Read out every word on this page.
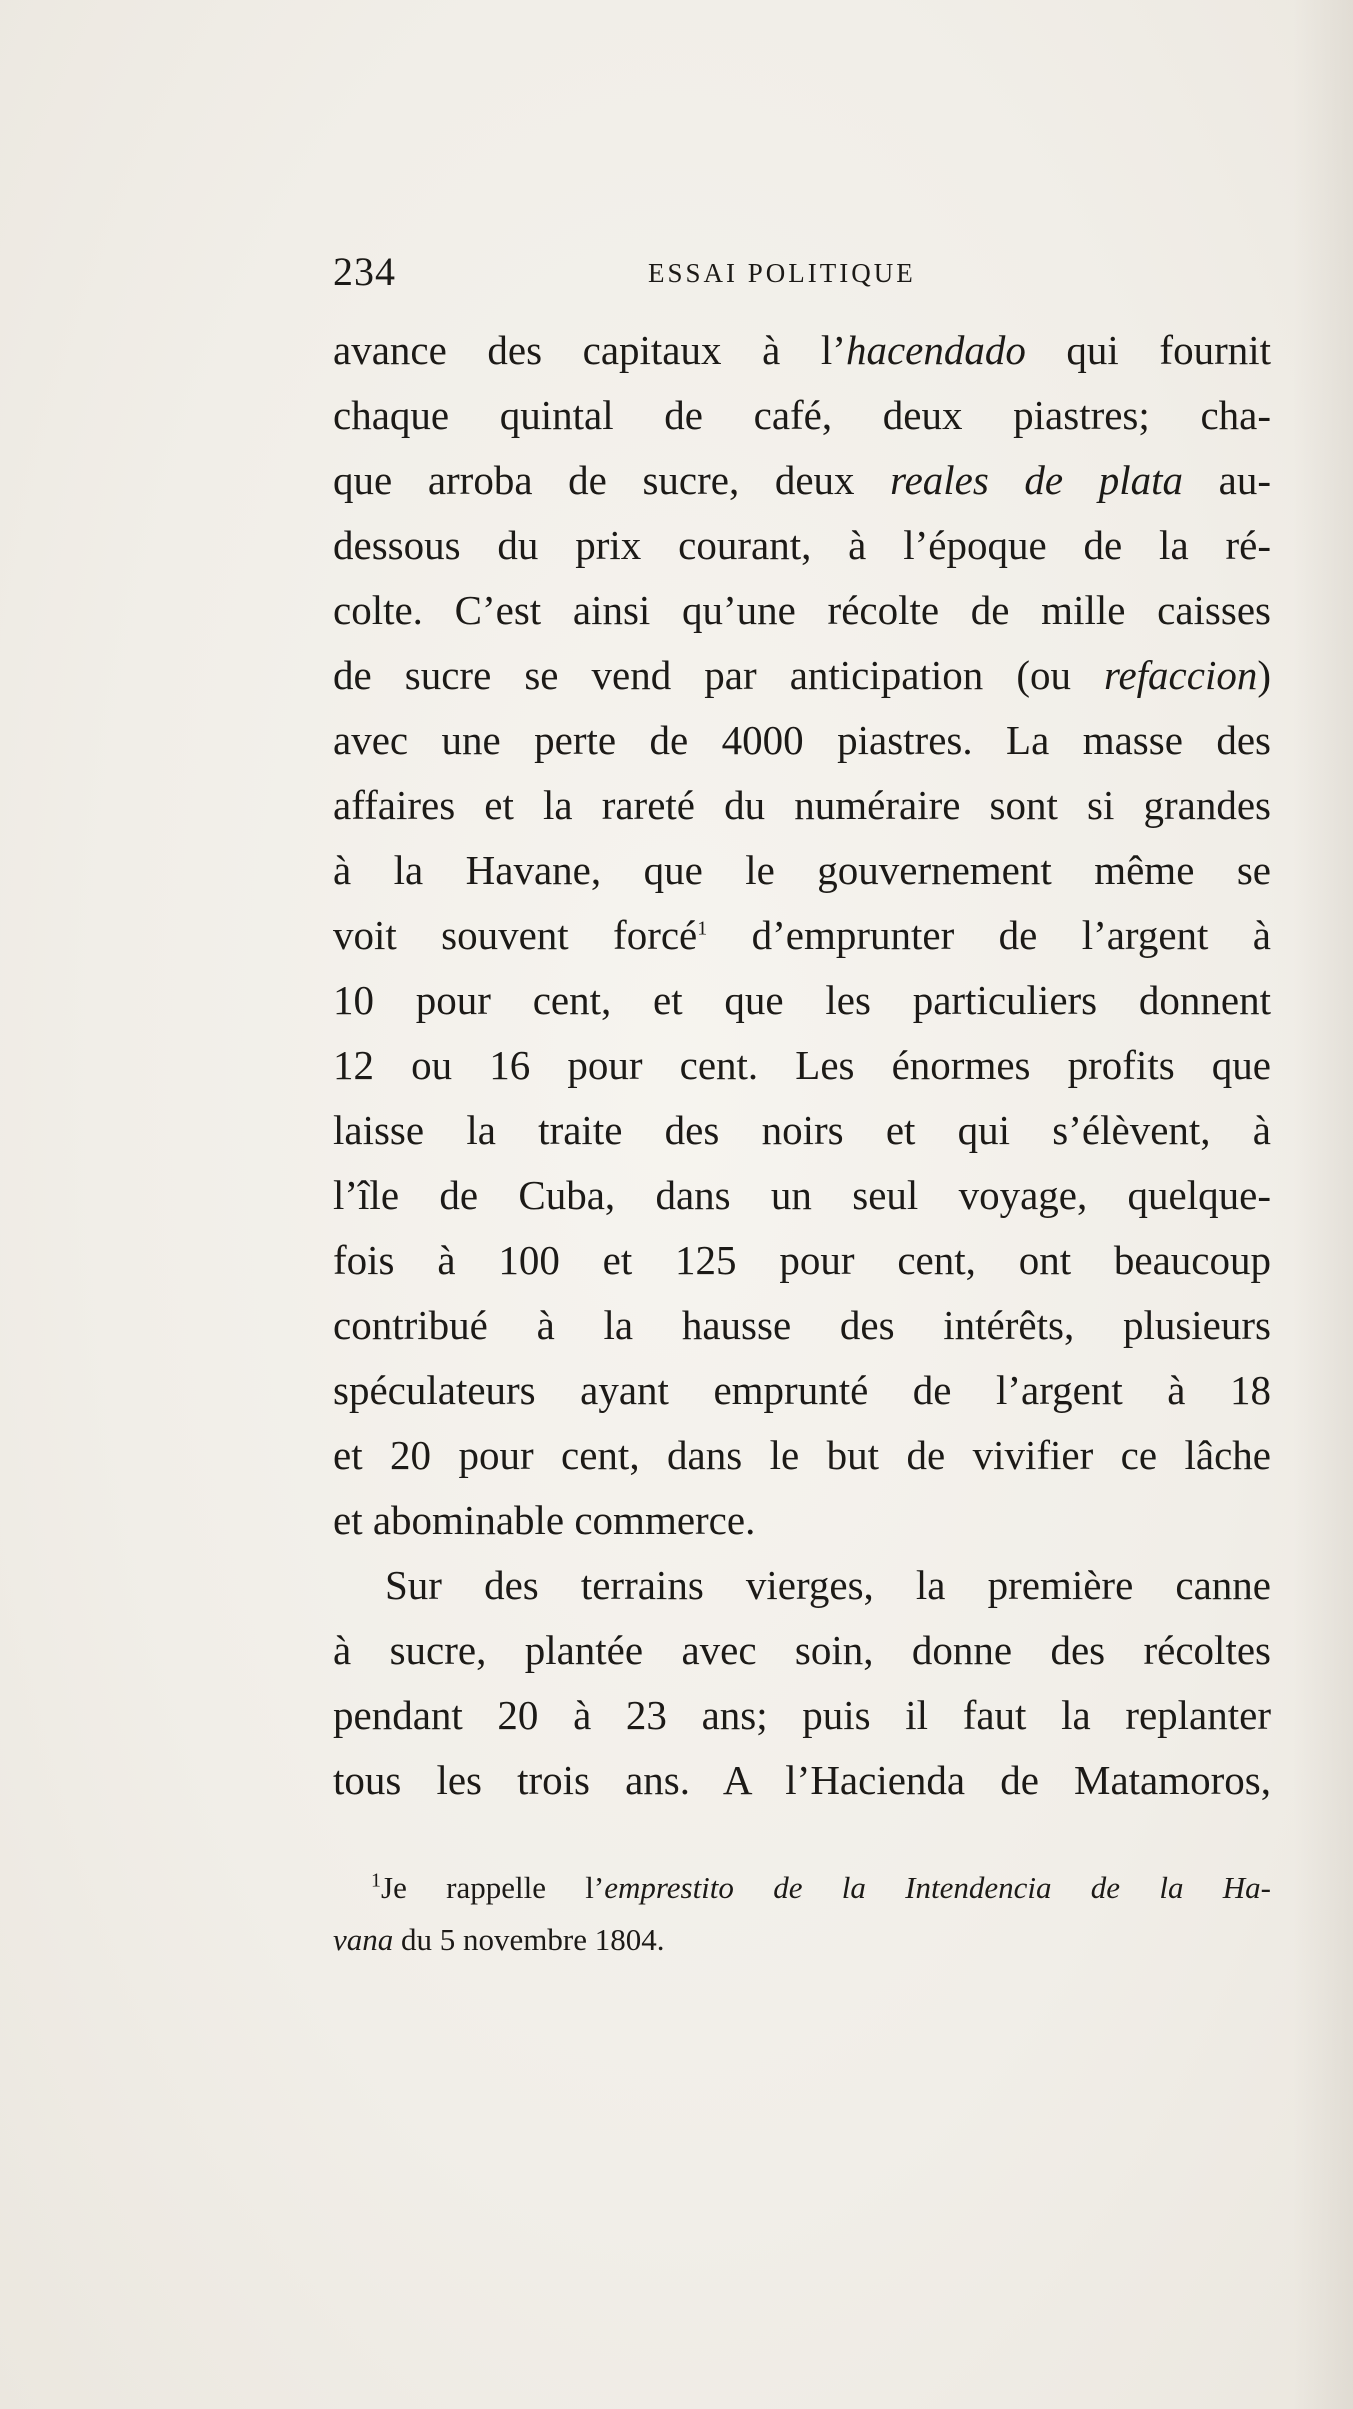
234	ESSAI POLITIQUE
avance des capitaux à l’hacendado qui fournit
chaque quintal de café, deux piastres; cha-
que arroba de sucre, deux reales de plata au-
dessous du prix courant, à l’époque de la ré-
colte. C’est ainsi qu’une récolte de mille caisses
de sucre se vend par anticipation (ou refaccion)
avec une perte de 4000 piastres. La masse des
affaires et la rareté du numéraire sont si grandes
à la Havane, que le gouvernement même se
voit souvent forcé$^1$ d’emprunter de l’argent à
10 pour cent, et que les particuliers donnent
12 ou 16 pour cent. Les énormes profits que
laisse la traite des noirs et qui s’élèvent, à
l’île de Cuba, dans un seul voyage, quelque-
fois à 100 et 125 pour cent, ont beaucoup
contribué à la hausse des intérêts, plusieurs
spéculateurs ayant emprunté de l’argent à 18
et 20 pour cent, dans le but de vivifier ce lâche
et abominable commerce.
Sur des terrains vierges, la première canne
à sucre, plantée avec soin, donne des récoltes
pendant 20 à 23 ans; puis il faut la replanter
tous les trois ans. A l’Hacienda de Matamoros,
$^1$Je rappelle l’emprestito de la Intendencia de la Ha-
vana du 5 novembre 1804.
